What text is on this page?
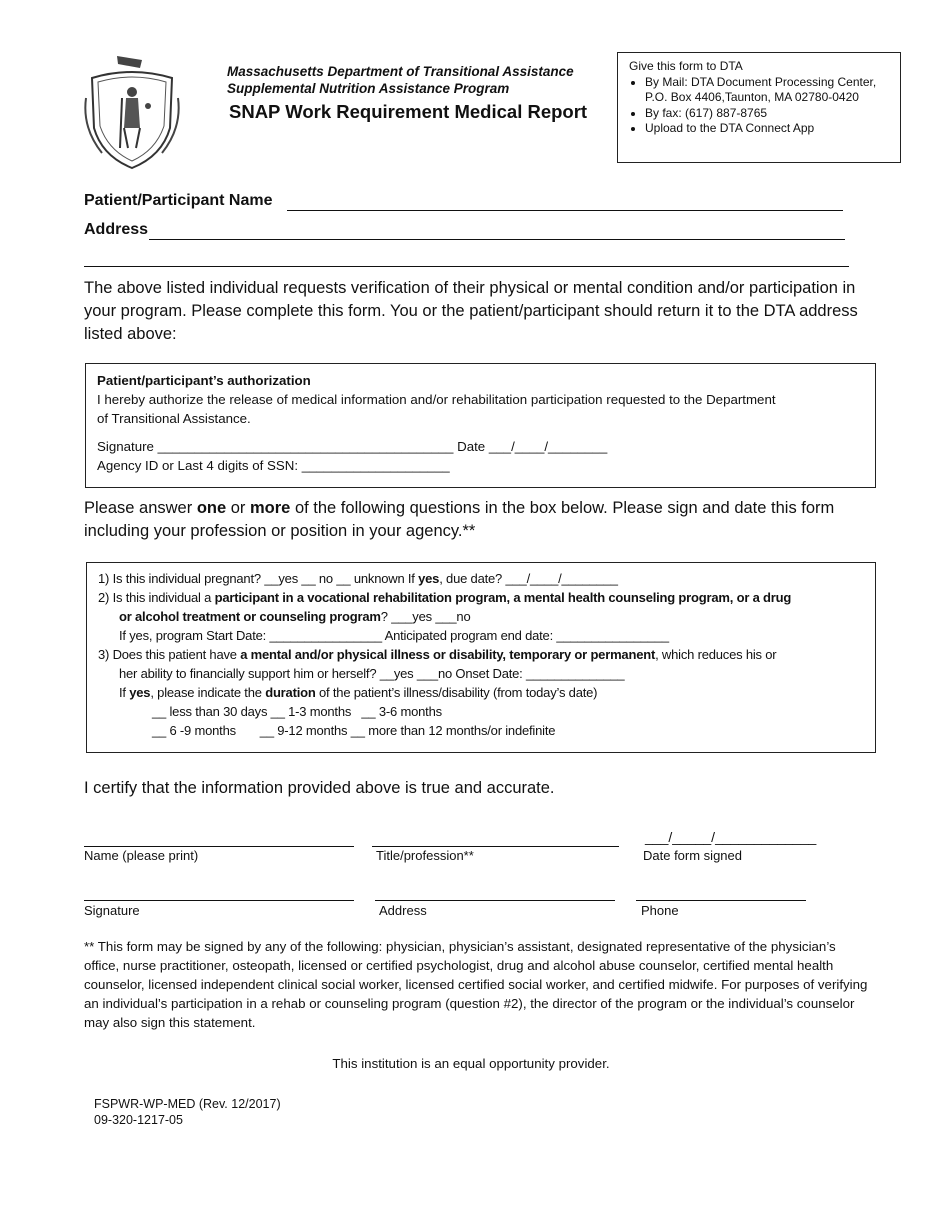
Massachusetts Department of Transitional Assistance
Supplemental Nutrition Assistance Program
SNAP Work Requirement Medical Report
Give this form to DTA
• By Mail: DTA Document Processing Center, P.O. Box 4406,Taunton, MA 02780-0420
• By fax: (617) 887-8765
• Upload to the DTA Connect App
Patient/Participant Name
Address
The above listed individual requests verification of their physical or mental condition and/or participation in your program. Please complete this form. You or the patient/participant should return it to the DTA address listed above:
Patient/participant’s authorization
I hereby authorize the release of medical information and/or rehabilitation participation requested to the Department of Transitional Assistance.
Signature ________________________________________ Date ___/____/________
Agency ID or Last 4 digits of SSN: ____________________
Please answer one or more of the following questions in the box below. Please sign and date this form including your profession or position in your agency.**
1) Is this individual pregnant? __yes __ no __ unknown If yes, due date? ___/____/________
2) Is this individual a participant in a vocational rehabilitation program, a mental health counseling program, or a drug
or alcohol treatment or counseling program? ___yes ___no
If yes, program Start Date: ________________ Anticipated program end date: ________________
3) Does this patient have a mental and/or physical illness or disability, temporary or permanent, which reduces his or
her ability to financially support him or herself? __yes ___no Onset Date: ______________
If yes, please indicate the duration of the patient’s illness/disability (from today’s date)
__ less than 30 days __ 1-3 months   __ 3-6 months
__ 6 -9 months       __ 9-12 months __ more than 12 months/or indefinite
I certify that the information provided above is true and accurate.
___/_____/_____________
Name (please print)	Title/profession**	Date form signed
Signature	Address	Phone
** This form may be signed by any of the following: physician, physician’s assistant, designated representative of the physician’s office, nurse practitioner, osteopath, licensed or certified psychologist, drug and alcohol abuse counselor, certified mental health counselor, licensed independent clinical social worker, licensed certified social worker, and certified midwife. For purposes of verifying an individual’s participation in a rehab or counseling program (question #2), the director of the program or the individual’s counselor may also sign this statement.
This institution is an equal opportunity provider.
FSPWR-WP-MED (Rev. 12/2017)
09-320-1217-05
